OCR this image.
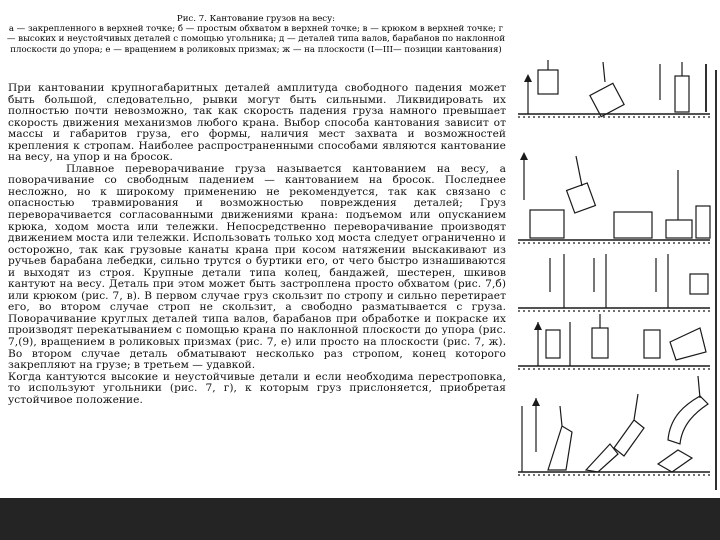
Рис. 7. Кантование грузов на весу:
а — закрепленного в верхней точке; б — простым обхватом в верхней точке; в — крюком в верхней точке; г — высоких и неустойчивых деталей с помощью угольника; д — деталей типа валов, барабанов по наклонной плоскости до упора; е — вращением в роликовых призмах; ж — на плоскости (I—III— позиции кантования)

При кантовании крупногабаритных деталей амплитуда свободного падения может быть большой, следовательно, рывки могут быть сильными. Ликвидировать их полностью почти невозможно, так как скорость падения груза намного превышает скорость движения механизмов любого крана. Выбор способа кантования зависит от массы и габаритов груза, его формы, наличия мест захвата и возможностей крепления к стропам. Наиболее распространенными способами являются кантование на весу, на упор и на бросок.

Плавное переворачивание груза называется кантованием на весу, а поворачивание со свободным падением — кантованием на бросок. Последнее несложно, но к широкому применению не рекомендуется, так как связано с опасностью травмирования и возможностью повреждения деталей; Груз переворачивается согласованными движениями крана: подъемом или опусканием крюка, ходом моста или тележки. Непосредственно переворачивание производят движением моста или тележки. Использовать только ход моста следует ограниченно и осторожно, так как грузовые канаты крана при косом натяжении выскакивают из ручьев барабана лебедки, сильно трутся о буртики его, от чего быстро изнашиваются и выходят из строя. Крупные детали типа колец, бандажей, шестерен, шкивов кантуют на весу. Деталь при этом может быть застроплена просто обхватом (рис. 7,б) или крюком (рис. 7, в). В первом случае груз скользит по стропу и сильно перетирает его, во втором случае строп не скользит, а свободно разматывается с груза. Поворачивание круглых деталей типа валов, барабанов при обработке и покраске их производят перекатыванием с помощью крана по наклонной плоскости до упора (рис. 7,(9), вращением в роликовых призмах (рис. 7, е) или просто на плоскости (рис. 7, ж). Во втором случае деталь обматывают несколько раз стропом, конец которого закрепляют на грузе; в третьем — удавкой.

Когда кантуются высокие и неустойчивые детали и если необходима перестроповка, то используют угольники (рис. 7, г), к которым груз прислоняется, приобретая устойчивое положение.
